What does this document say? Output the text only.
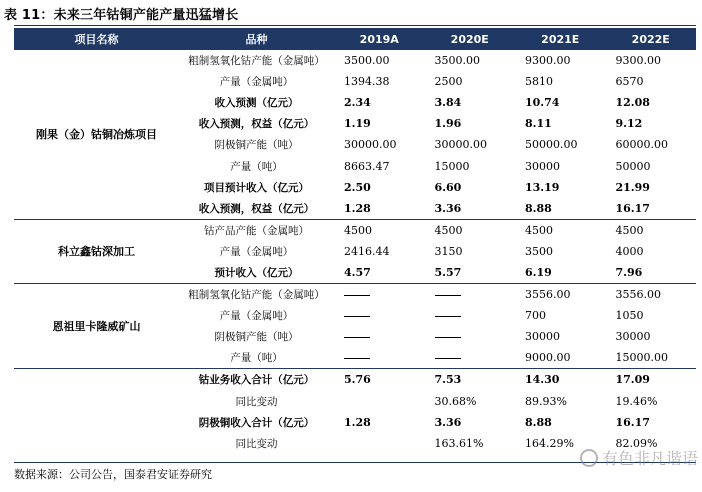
表 11：未来三年钴铜产能产量迅猛增长
项目名称	品种	2019A	2020E	2021E	2022E
刚果（金）钴铜冶炼项目	粗制氢氧化钴产能（金属吨）	3500.00	3500.00	9300.00	9300.00
	产量（金属吨）	1394.38	2500	5810	6570
	收入预测（亿元）	2.34	3.84	10.74	12.08
	收入预测，权益（亿元）	1.19	1.96	8.11	9.12
	阴极铜产能（吨）	30000.00	30000.00	50000.00	60000.00
	产量（吨）	8663.47	15000	30000	50000
	项目预计收入（亿元）	2.50	6.60	13.19	21.99
	收入预测，权益（亿元）	1.28	3.36	8.88	16.17
科立鑫钴深加工	钴产品产能（金属吨）	4500	4500	4500	4500
	产量（金属吨）	2416.44	3150	3500	4000
	预计收入（亿元）	4.57	5.57	6.19	7.96
恩祖里卡隆威矿山	粗制氢氧化钴产能（金属吨）			3556.00	3556.00
	产量（金属吨）			700	1050
	阴极铜产能（吨）			30000	30000
	产量（吨）			9000.00	15000.00
	钴业务收入合计（亿元）	5.76	7.53	14.30	17.09
	同比变动		30.68%	89.93%	19.46%
	阴极铜收入合计（亿元）	1.28	3.36	8.88	16.17
	同比变动		163.61%	164.29%	82.09%
数据来源：公司公告，国泰君安证券研究
有色非凡谐语
